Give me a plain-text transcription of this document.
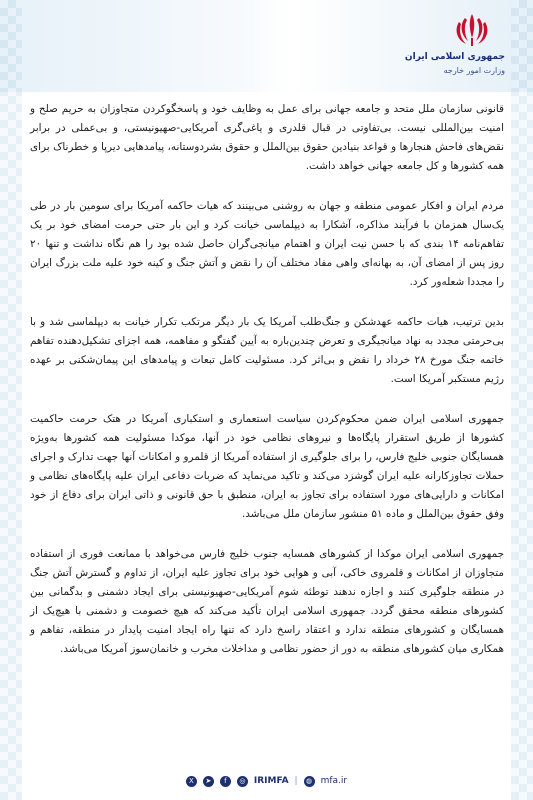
جمهوری اسلامی ایران
وزارت امور خارجه

قانونی سازمان ملل متحد و جامعه جهانی برای عمل به وظایف خود و پاسخگوکردن متجاوزان به حریم صلح و امنیت بین‌المللی نیست. بی‌تفاوتی در قبال قلدری و یاغی‌گری آمریکایی-صهیونیستی، و بی‌عملی در برابر نقض‌های فاحش هنجارها و قواعد بنیادین حقوق بین‌الملل و حقوق بشردوستانه، پیامدهایی دیرپا و خطرناک برای همه کشورها و کل جامعه جهانی خواهد داشت.

مردم ایران و افکار عمومی منطقه و جهان به روشنی می‌بینند که هیات حاکمه آمریکا برای سومین بار در طی یک‌سال همزمان با فرآیند مذاکره، آشکارا به دیپلماسی خیانت کرد و این بار حتی حرمت امضای خود بر یک تفاهم‌نامه ۱۴ بندی که با حسن نیت ایران و اهتمام میانجی‌گران حاصل شده بود را هم نگاه نداشت و تنها ۲۰ روز پس از امضای آن، به بهانه‌ای واهی مفاد مختلف آن را نقض و آتش جنگ و کینه خود علیه ملت بزرگ ایران را مجددا شعله‌ور کرد.

بدین ترتیب، هیات حاکمه عهدشکن و جنگ‌طلب آمریکا یک بار دیگر مرتکب تکرار خیانت به دیپلماسی شد و با بی‌حرمتی مجدد به نهاد میانجیگری و تعرض چندین‌باره به آیین گفتگو و مفاهمه، همه اجزای تشکیل‌دهنده تفاهم خاتمه جنگ مورخ ۲۸ خرداد را نقض و بی‌اثر کرد. مسئولیت کامل تبعات و پیامدهای این پیمان‌شکنی بر عهده رژیم مستکبر آمریکا است.

جمهوری اسلامی ایران ضمن محکوم‌کردن سیاست استعماری و استکباری آمریکا در هتک حرمت حاکمیت کشورها از طریق استقرار پایگاه‌ها و نیروهای نظامی خود در آنها، موکدا مسئولیت همه کشورها به‌ویژه همسایگان جنوبی خلیج فارس، را برای جلوگیری از استفاده آمریکا از قلمرو و امکانات آنها جهت تدارک و اجرای حملات تجاوزکارانه علیه ایران گوشزد می‌کند و تاکید می‌نماید که ضربات دفاعی ایران علیه پایگاه‌های نظامی و امکانات و دارایی‌های مورد استفاده برای تجاوز به ایران، منطبق با حق قانونی و ذاتی ایران برای دفاع از خود وفق حقوق بین‌الملل و ماده ۵۱ منشور سازمان ملل می‌باشد.

جمهوری اسلامی ایران موکدا از کشورهای همسایه جنوب خلیج فارس می‌خواهد با ممانعت فوری از استفاده متجاوزان از امکانات و قلمروی خاکی، آبی و هوایی خود برای تجاوز علیه ایران، از تداوم و گسترش آتش جنگ در منطقه جلوگیری کنند و اجازه ندهند توطئه شوم آمریکایی-صهیونیستی برای ایجاد دشمنی و بدگمانی بین کشورهای منطقه محقق گردد. جمهوری اسلامی ایران تأکید می‌کند که هیچ خصومت و دشمنی با هیچ‌یک از همسایگان و کشورهای منطقه ندارد و اعتقاد راسخ دارد که تنها راه ایجاد امنیت پایدار در منطقه، تفاهم و همکاری میان کشورهای منطقه به دور از حضور نظامی و مداخلات مخرب و خانمان‌سوز آمریکا می‌باشد.

X	➤	f	◎ IRIMFA |	◍ mfa.ir
